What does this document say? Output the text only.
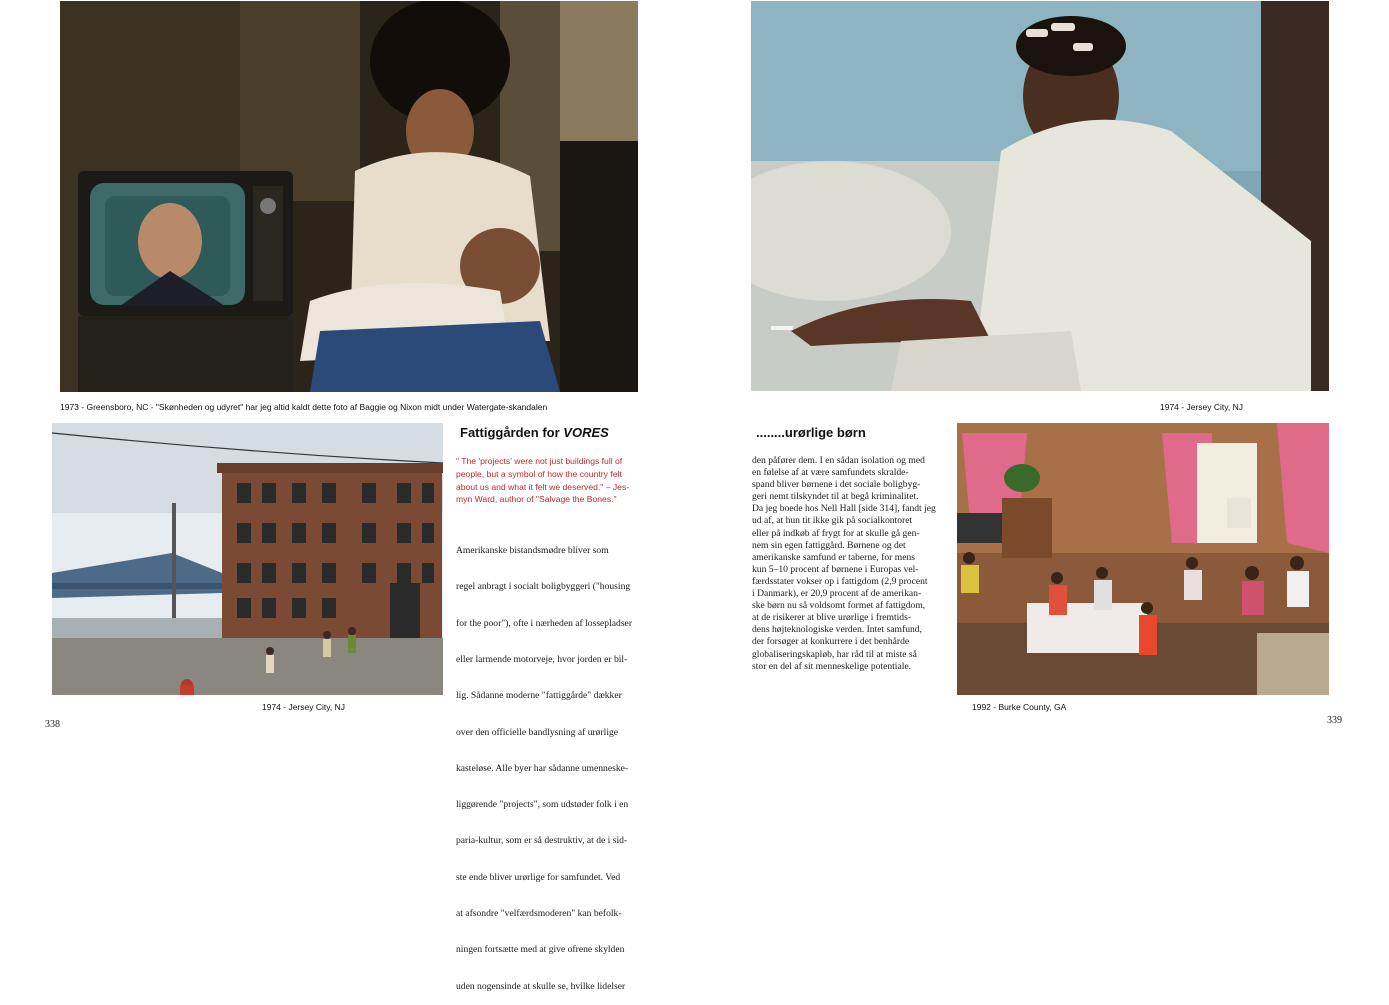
1973 - Greensboro, NC - "Skønheden og udyret" har jeg altid kaldt dette foto af Baggie og Nixon midt under Watergate-skandalen
1974 - Jersey City, NJ
Fattiggården for VORES
" The 'projects' were not just buildings full of
people, but a symbol of how the country felt
about us and what it felt we deserved." – Jes-
myn Ward, author of "Salvage the Bones."

Amerikanske bistandsmødre bliver som

regel anbragt i socialt boligbyggeri ("housing

for the poor"), ofte i nærheden af lossepladser

eller larmende motorveje, hvor jorden er bil-

lig. Sådanne moderne "fattiggårde" dækker

over den officielle bandlysning af urørlige

kasteløse. Alle byer har sådanne umenneske-

liggørende "projects", som udstøder folk i en

paria-kultur, som er så destruktiv, at de i sid-

ste ende bliver urørlige for samfundet. Ved

at afsondre "velfærdsmoderen" kan befolk-

ningen fortsætte med at give ofrene skylden

uden nogensinde at skulle se, hvilke lidelser

338
1974 - Jersey City, NJ
........urørlige børn
den påfører dem. I en sådan isolation og med
en følelse af at være samfundets skralde-
spand bliver børnene i det sociale boligbyg-
geri nemt tilskyndet til at begå kriminalitet.
Da jeg boede hos Nell Hall [side 314], fandt jeg
ud af, at hun tit ikke gik på socialkontoret
eller på indkøb af frygt for at skulle gå gen-
nem sin egen fattiggård. Børnene og det
amerikanske samfund er taberne, for mens
kun 5–10 procent af børnene i Europas vel-
færdsstater vokser op i fattigdom (2,9 procent
i Danmark), er 20,9 procent af de amerikan-
ske børn nu så voldsomt formet af fattigdom,
at de risikerer at blive urørlige i fremtids-
dens højteknologiske verden. Intet samfund,
der forsøger at konkurrere i det benhårde
globaliseringskapløb, har råd til at miste så
stor en del af sit menneskelige potentiale.
1992 - Burke County, GA
339
